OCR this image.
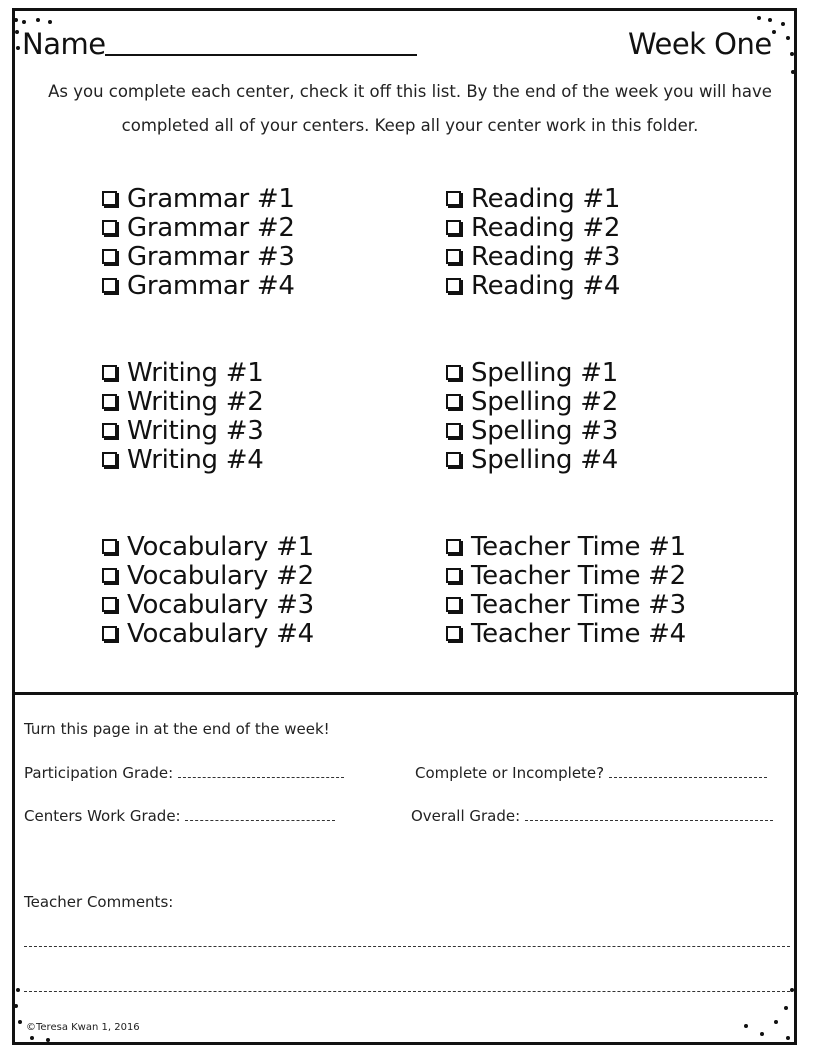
Name	Week One
As you complete each center, check it off this list. By the end of the week you will have completed all of your centers. Keep all your center work in this folder.
Grammar #1
Grammar #2
Grammar #3
Grammar #4
Writing #1
Writing #2
Writing #3
Writing #4
Vocabulary #1
Vocabulary #2
Vocabulary #3
Vocabulary #4
Reading #1
Reading #2
Reading #3
Reading #4
Spelling #1
Spelling #2
Spelling #3
Spelling #4
Teacher Time #1
Teacher Time #2
Teacher Time #3
Teacher Time #4
Turn this page in at the end of the week!
Participation Grade:	Complete or Incomplete?
Centers Work Grade:	Overall Grade:
Teacher Comments:
©Teresa Kwan 1, 2016
